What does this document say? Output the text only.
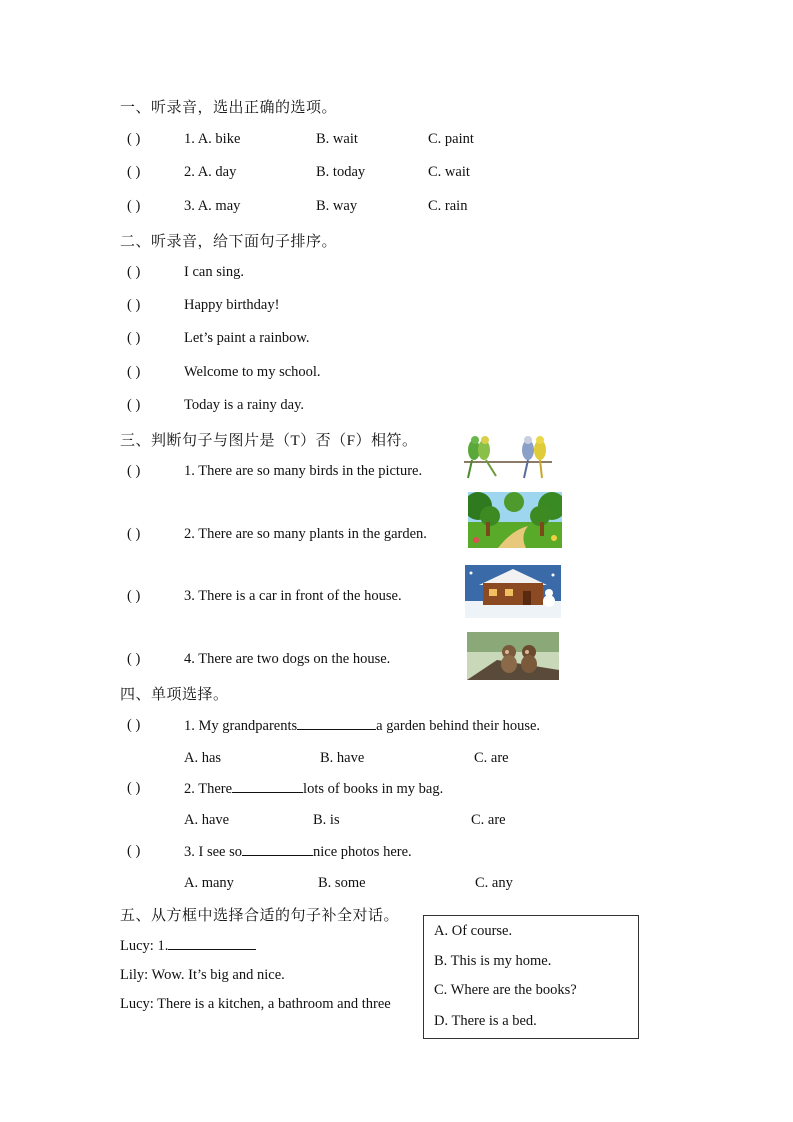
一、听录音，选出正确的选项。
( )	1. A. bike	B. wait	C. paint
( )	2. A. day	B. today	C. wait
( )	3. A. may	B. way	C. rain
二、听录音，给下面句子排序。
( )	I can sing.
( )	Happy birthday!
( )	Let’s paint a rainbow.
( )	Welcome to my school.
( )	Today is a rainy day.
三、判断句子与图片是（T）否（F）相符。
( )	1. There are so many birds in the picture.
( )	2. There are so many plants in the garden.
( )	3. There is a car in front of the house.
( )	4. There are two dogs on the house.
四、单项选择。
( )	1. My grandparents	a garden behind their house.
A. has	B. have	C. are
( )	2. There	lots of books in my bag.
A. have	B. is	C. are
( )	3. I see so	nice photos here.
A. many	B. some	C. any
五、从方框中选择合适的句子补全对话。
Lucy: 1.
Lily: Wow. It’s big and nice.
Lucy: There is a kitchen, a bathroom and three
A. Of course.
B. This is my home.
C. Where are the books?
D. There is a bed.
